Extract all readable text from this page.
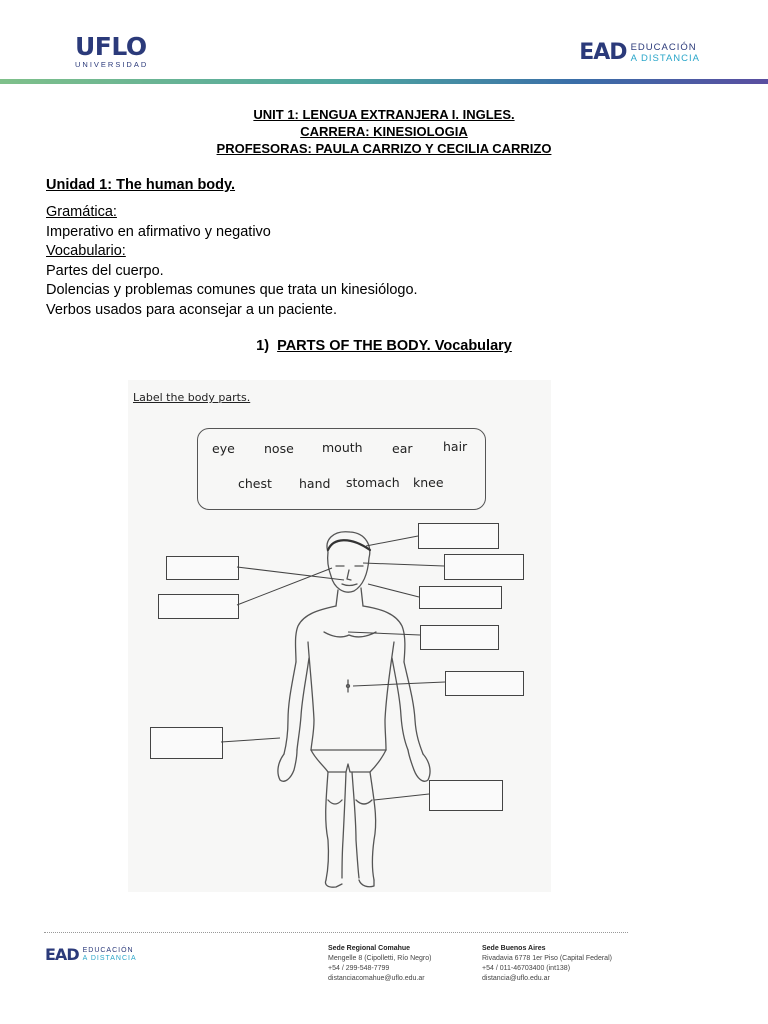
UFLO
UNIVERSIDAD	EAD EDUCACIÓN
A DISTANCIA
UNIT 1: LENGUA EXTRANJERA I. INGLES.
CARRERA: KINESIOLOGIA
PROFESORAS: PAULA CARRIZO Y CECILIA CARRIZO
Unidad 1: The human body.
Gramática:
Imperativo en afirmativo y negativo
Vocabulario:
Partes del cuerpo.
Dolencias y problemas comunes que trata un kinesiólogo.
Verbos usados para aconsejar a un paciente.
1) PARTS OF THE BODY. Vocabulary
Label the body parts.
eye nose mouth ear hair
chest hand stomach knee
EAD EDUCACIÓN
A DISTANCIA
Sede Regional Comahue
Mengelle 8 (Cipolletti, Río Negro)
+54 / 299-548-7799
distanciacomahue@uflo.edu.ar
Sede Buenos Aires
Rivadavia 6778 1er Piso (Capital Federal)
+54 / 011-46703400 (int138)
distancia@uflo.edu.ar
